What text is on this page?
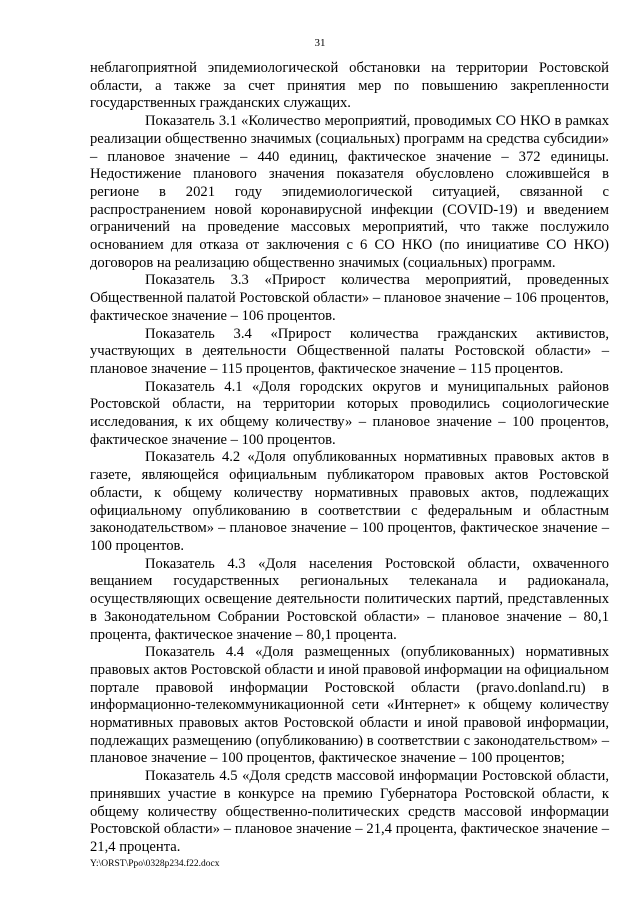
31

неблагоприятной эпидемиологической обстановки на территории Ростовской области, а также за счет принятия мер по повышению закрепленности государственных гражданских служащих.

Показатель 3.1 «Количество мероприятий, проводимых СО НКО в рамках реализации общественно значимых (социальных) программ на средства субсидии» – плановое значение – 440 единиц, фактическое значение – 372 единицы. Недостижение планового значения показателя обусловлено сложившейся в регионе в 2021 году эпидемиологической ситуацией, связанной с распространением новой коронавирусной инфекции (COVID-19) и введением ограничений на проведение массовых мероприятий, что также послужило основанием для отказа от заключения с 6 СО НКО (по инициативе СО НКО) договоров на реализацию общественно значимых (социальных) программ.

Показатель 3.3 «Прирост количества мероприятий, проведенных Общественной палатой Ростовской области» – плановое значение – 106 процентов, фактическое значение – 106 процентов.

Показатель 3.4 «Прирост количества гражданских активистов, участвующих в деятельности Общественной палаты Ростовской области» – плановое значение – 115 процентов, фактическое значение – 115 процентов.

Показатель 4.1 «Доля городских округов и муниципальных районов Ростовской области, на территории которых проводились социологические исследования, к их общему количеству» – плановое значение – 100 процентов, фактическое значение – 100 процентов.

Показатель 4.2 «Доля опубликованных нормативных правовых актов в газете, являющейся официальным публикатором правовых актов Ростовской области, к общему количеству нормативных правовых актов, подлежащих официальному опубликованию в соответствии с федеральным и областным законодательством» – плановое значение – 100 процентов, фактическое значение – 100 процентов.

Показатель 4.3 «Доля населения Ростовской области, охваченного вещанием государственных региональных телеканала и радиоканала, осуществляющих освещение деятельности политических партий, представленных в Законодательном Собрании Ростовской области» – плановое значение – 80,1 процента, фактическое значение – 80,1 процента.

Показатель 4.4 «Доля размещенных (опубликованных) нормативных правовых актов Ростовской области и иной правовой информации на официальном портале правовой информации Ростовской области (pravo.donland.ru) в информационно-телекоммуникационной сети «Интернет» к общему количеству нормативных правовых актов Ростовской области и иной правовой информации, подлежащих размещению (опубликованию) в соответствии с законодательством» – плановое значение – 100 процентов, фактическое значение – 100 процентов;

Показатель 4.5 «Доля средств массовой информации Ростовской области, принявших участие в конкурсе на премию Губернатора Ростовской области, к общему количеству общественно-политических средств массовой информации Ростовской области» – плановое значение – 21,4 процента, фактическое значение – 21,4 процента.

Y:\ORST\Ppo\0328p234.f22.docx
